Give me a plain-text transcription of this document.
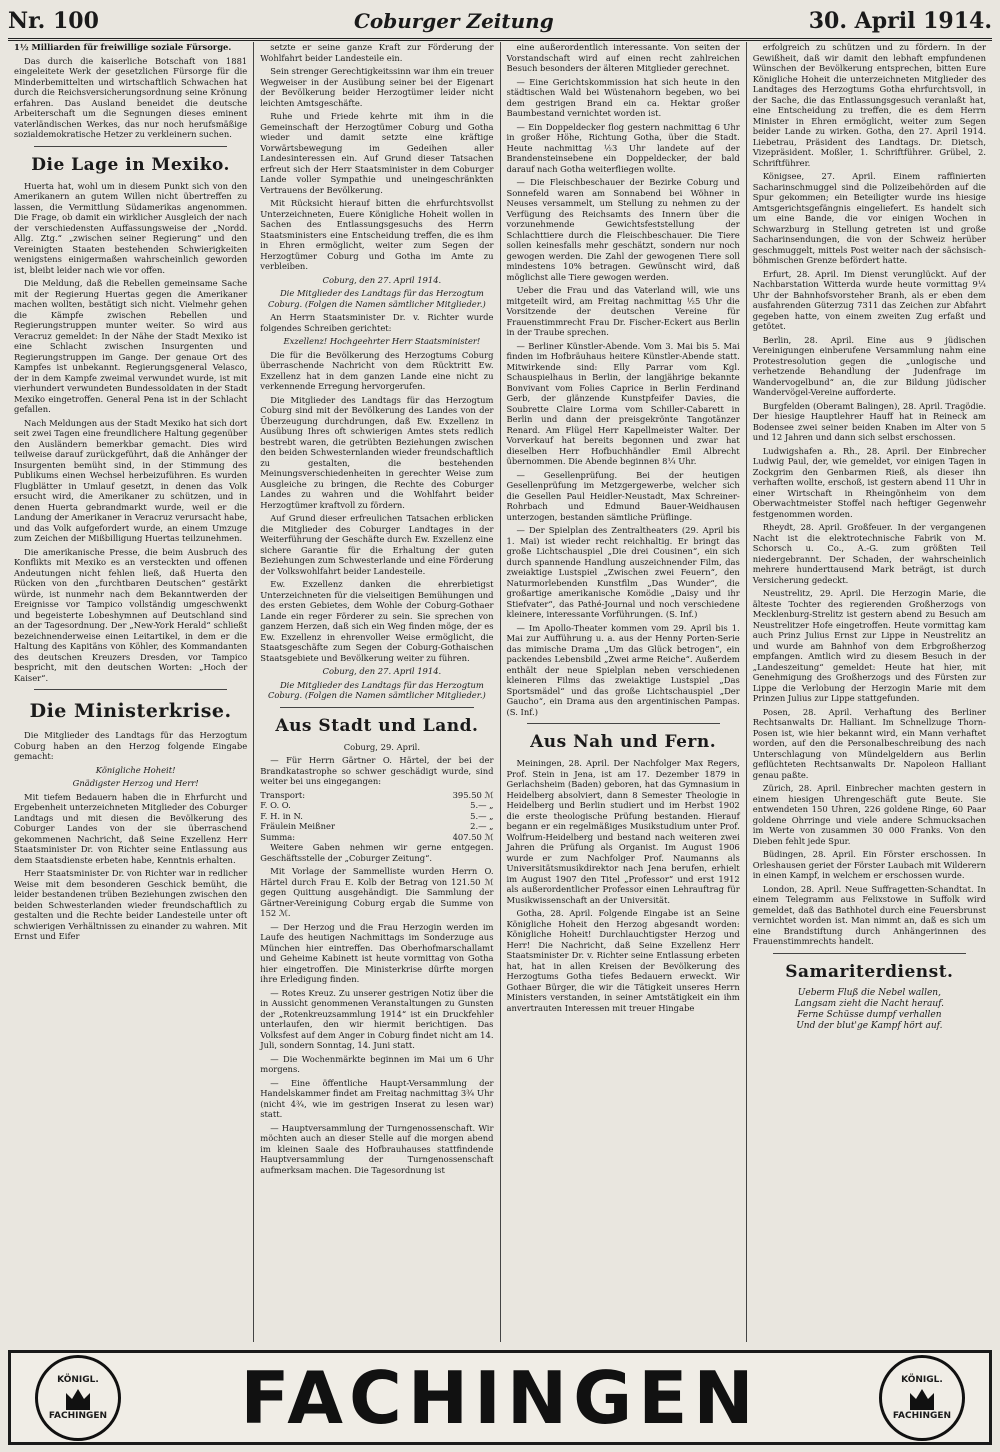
Nr. 100	Coburger Zeitung	30. April 1914.

1½ Milliarden für freiwillige soziale Fürsorge.

Das durch die kaiserliche Botschaft von 1881 eingeleitete Werk der gesetzlichen Fürsorge für die Minderbemittelten und wirtschaftlich Schwachen hat durch die Reichsversicherungsordnung seine Krönung erfahren. Das Ausland beneidet die deutsche Arbeiterschaft um die Segnungen dieses eminent vaterländischen Werkes, das nur noch herufsmäßige sozialdemokratische Hetzer zu verkleinern suchen.

Die Lage in Mexiko.

Huerta hat, wohl um in diesem Punkt sich von den Amerikanern an gutem Willen nicht übertreffen zu lassen, die Vermittlung Südamerikas angenommen. Die Frage, ob damit ein wirklicher Ausgleich der nach der verschiedensten Auffassungsweise der „Nordd. Allg. Ztg.“ „zwischen seiner Regierung“ und den Vereinigten Staaten bestehenden Schwierigkeiten wenigstens einigermaßen wahrscheinlich geworden ist, bleibt leider nach wie vor offen.

Die Meldung, daß die Rebellen gemeinsame Sache mit der Regierung Huertas gegen die Amerikaner machen wollten, bestätigt sich nicht. Vielmehr gehen die Kämpfe zwischen Rebellen und Regierungstruppen munter weiter. So wird aus Veracruz gemeldet: In der Nähe der Stadt Mexiko ist eine Schlacht zwischen Insurgenten und Regierungstruppen im Gange. Der genaue Ort des Kampfes ist unbekannt. Regierungsgeneral Velasco, der in dem Kampfe zweimal verwundet wurde, ist mit vierhundert verwundeten Bundessoldaten in der Stadt Mexiko eingetroffen. General Pena ist in der Schlacht gefallen.

Nach Meldungen aus der Stadt Mexiko hat sich dort seit zwei Tagen eine freundlichere Haltung gegenüber den Ausländern bemerkbar gemacht. Dies wird teilweise darauf zurückgeführt, daß die Anhänger der Insurgenten bemüht sind, in der Stimmung des Publikums einen Wechsel herbeizuführen. Es wurden Flugblätter in Umlauf gesetzt, in denen das Volk ersucht wird, die Amerikaner zu schützen, und in denen Huerta gebrandmarkt wurde, weil er die Landung der Amerikaner in Veracruz verursacht habe, und das Volk aufgefordert wurde, an einem Umzuge zum Zeichen der Mißbilligung Huertas teilzunehmen.

Die amerikanische Presse, die beim Ausbruch des Konflikts mit Mexiko es an versteckten und offenen Andeutungen nicht fehlen ließ, daß Huerta den Rücken von den „furchtbaren Deutschen“ gestärkt würde, ist nunmehr nach dem Bekanntwerden der Ereignisse vor Tampico vollständig umgeschwenkt und begeisterte Lobeshymnen auf Deutschland sind an der Tagesordnung. Der „New-York Herald“ schließt bezeichnenderweise einen Leitartikel, in dem er die Haltung des Kapitäns von Köhler, des Kommandanten des deutschen Kreuzers Dresden, vor Tampico bespricht, mit den deutschen Worten: „Hoch der Kaiser“.

Die Ministerkrise.

Die Mitglieder des Landtags für das Herzogtum Coburg haben an den Herzog folgende Eingabe gemacht:

Königliche Hoheit!

Gnädigster Herzog und Herr!

Mit tiefem Bedauern haben die in Ehrfurcht und Ergebenheit unterzeichneten Mitglieder des Coburger Landtags und mit diesen die Bevölkerung des Coburger Landes von der sie überraschend gekommenen Nachricht, daß Seine Exzellenz Herr Staatsminister Dr. von Richter seine Entlassung aus dem Staatsdienste erbeten habe, Kenntnis erhalten.

Herr Staatsminister Dr. von Richter war in redlicher Weise mit dem besonderen Geschick bemüht, die leider bestandenen trüben Beziehungen zwischen den beiden Schwesterlanden wieder freundschaftlich zu gestalten und die Rechte beider Landesteile unter oft schwierigen Verhältnissen zu einander zu wahren. Mit Ernst und Eifer

setzte er seine ganze Kraft zur Förderung der Wohlfahrt beider Landesteile ein.

Sein strenger Gerechtigkeitssinn war ihm ein treuer Wegweiser in der Ausübung seiner bei der Eigenart der Bevölkerung beider Herzogtümer leider nicht leichten Amtsgeschäfte.

Ruhe und Friede kehrte mit ihm in die Gemeinschaft der Herzogtümer Coburg und Gotha wieder und damit setzte eine kräftige Vorwärtsbewegung im Gedeihen aller Landesinteressen ein. Auf Grund dieser Tatsachen erfreut sich der Herr Staatsminister in dem Coburger Lande voller Sympathie und uneingeschränkten Vertrauens der Bevölkerung.

Mit Rücksicht hierauf bitten die ehrfurchtsvollst Unterzeichneten, Euere Königliche Hoheit wollen in Sachen des Entlassungsgesuchs des Herrn Staatsministers eine Entscheidung treffen, die es ihm in Ehren ermöglicht, weiter zum Segen der Herzogtümer Coburg und Gotha im Amte zu verbleiben.

Coburg, den 27. April 1914.

Die Mitglieder des Landtags für das Herzogtum Coburg. (Folgen die Namen sämtlicher Mitglieder.)

An Herrn Staatsminister Dr. v. Richter wurde folgendes Schreiben gerichtet:

Exzellenz! Hochgeehrter Herr Staatsminister!

Die für die Bevölkerung des Herzogtums Coburg überraschende Nachricht von dem Rücktritt Ew. Exzellenz hat in dem ganzen Lande eine nicht zu verkennende Erregung hervorgerufen.

Die Mitglieder des Landtags für das Herzogtum Coburg sind mit der Bevölkerung des Landes von der Überzeugung durchdrungen, daß Ew. Exzellenz in Ausübung Ihres oft schwierigen Amtes stets redlich bestrebt waren, die getrübten Beziehungen zwischen den beiden Schwesternlanden wieder freundschaftlich zu gestalten, die bestehenden Meinungsverschiedenheiten in gerechter Weise zum Ausgleiche zu bringen, die Rechte des Coburger Landes zu wahren und die Wohlfahrt beider Herzogtümer kraftvoll zu fördern.

Auf Grund dieser erfreulichen Tatsachen erblicken die Mitglieder des Coburger Landtages in der Weiterführung der Geschäfte durch Ew. Exzellenz eine sichere Garantie für die Erhaltung der guten Beziehungen zum Schwesterlande und eine Förderung der Volkswohlfahrt beider Landesteile.

Ew. Exzellenz danken die ehrerbietigst Unterzeichneten für die vielseitigen Bemühungen und des ersten Gebietes, dem Wohle der Coburg-Gothaer Lande ein reger Förderer zu sein. Sie sprechen von ganzem Herzen, daß sich ein Weg finden möge, der es Ew. Exzellenz in ehrenvoller Weise ermöglicht, die Staatsgeschäfte zum Segen der Coburg-Gothaischen Staatsgebiete und Bevölkerung weiter zu führen.

Coburg, den 27. April 1914.

Die Mitglieder des Landtags für das Herzogtum Coburg. (Folgen die Namen sämtlicher Mitglieder.)

Aus Stadt und Land.

Coburg, 29. April.

— Für Herrn Gärtner O. Härtel, der bei der Brandkatastrophe so schwer geschädigt wurde, sind weiter bei uns eingegangen:

Transport:	395.50 ℳ
F. O. O.	5.— „
F. H. in N.	5.— „
Fräulein Meißner	2.— „
Summa:	407.50 ℳ

Weitere Gaben nehmen wir gerne entgegen. Geschäftsstelle der „Coburger Zeitung“.

Mit Vorlage der Sammelliste wurden Herrn O. Härtel durch Frau E. Kolb der Betrag von 121.50 ℳ gegen Quittung ausgehändigt. Die Sammlung der Gärtner-Vereinigung Coburg ergab die Summe von 152 ℳ.

— Der Herzog und die Frau Herzogin werden im Laufe des heutigen Nachmittags im Sonderzuge aus München hier eintreffen. Das Oberhofmarschallamt und Geheime Kabinett ist heute vormittag von Gotha hier eingetroffen. Die Ministerkrise dürfte morgen ihre Erledigung finden.

— Rotes Kreuz. Zu unserer gestrigen Notiz über die in Aussicht genommenen Veranstaltungen zu Gunsten der „Rotenkreuzsammlung 1914“ ist ein Druckfehler unterlaufen, den wir hiermit berichtigen. Das Volksfest auf dem Anger in Coburg findet nicht am 14. Juli, sondern Sonntag, 14. Juni statt.

— Die Wochenmärkte beginnen im Mai um 6 Uhr morgens.

— Eine öffentliche Haupt-Versammlung der Handelskammer findet am Freitag nachmittag 3¾ Uhr (nicht 4¾, wie im gestrigen Inserat zu lesen war) statt.

— Hauptversammlung der Turngenossenschaft. Wir möchten auch an dieser Stelle auf die morgen abend im kleinen Saale des Hofbrauhauses stattfindende Hauptversammlung der Turngenossenschaft aufmerksam machen. Die Tagesordnung ist

eine außerordentlich interessante. Von seiten der Vorstandschaft wird auf einen recht zahlreichen Besuch besonders der älteren Mitglieder gerechnet.

— Eine Gerichtskommission hat sich heute in den städtischen Wald bei Wüstenahorn begeben, wo bei dem gestrigen Brand ein ca. Hektar großer Baumbestand vernichtet worden ist.

— Ein Doppeldecker flog gestern nachmittag 6 Uhr in großer Höhe, Richtung Gotha, über die Stadt. Heute nachmittag ½3 Uhr landete auf der Brandensteinsebene ein Doppeldecker, der bald darauf nach Gotha weiterfliegen wollte.

— Die Fleischbeschauer der Bezirke Coburg und Sonnefeld waren am Sonnabend bei Wöhner in Neuses versammelt, um Stellung zu nehmen zu der Verfügung des Reichsamts des Innern über die vorzunehmende Gewichtsfeststellung der Schlachttiere durch die Fleischbeschauer. Die Tiere sollen keinesfalls mehr geschätzt, sondern nur noch gewogen werden. Die Zahl der gewogenen Tiere soll mindestens 10% betragen. Gewünscht wird, daß möglichst alle Tiere gewogen werden.

Ueber die Frau und das Vaterland will, wie uns mitgeteilt wird, am Freitag nachmittag ½5 Uhr die Vorsitzende der deutschen Vereine für Frauenstimmrecht Frau Dr. Fischer-Eckert aus Berlin in der Traube sprechen.

— Berliner Künstler-Abende. Vom 3. Mai bis 5. Mai finden im Hofbräuhaus heitere Künstler-Abende statt. Mitwirkende sind: Elly Parrar vom Kgl. Schauspielhaus in Berlin, der langjährige bekannte Bonvivant vom Folies Caprice in Berlin Ferdinand Gerb, der glänzende Kunstpfeifer Davies, die Soubrette Claire Lorma vom Schiller-Cabarett in Berlin und dann der preisgekrönte Tangotänzer Renard. Am Flügel Herr Kapellmeister Walter. Der Vorverkauf hat bereits begonnen und zwar hat dieselben Herr Hofbuchhändler Emil Albrecht übernommen. Die Abende beginnen 8¼ Uhr.

— Gesellenprüfung. Bei der heutigen Gesellenprüfung im Metzgergewerbe, welcher sich die Gesellen Paul Heidler-Neustadt, Max Schreiner-Rohrbach und Edmund Bauer-Weidhausen unterzogen, bestanden sämtliche Prüflinge.

— Der Spielplan des Zentraltheaters (29. April bis 1. Mai) ist wieder recht reichhaltig. Er bringt das große Lichtschauspiel „Die drei Cousinen“, ein sich durch spannende Handlung auszeichnender Film, das zweiaktige Lustspiel „Zwischen zwei Feuern“, den Naturmorlebenden Kunstfilm „Das Wunder“, die großartige amerikanische Komödie „Daisy und ihr Stiefvater“, das Pathé-Journal und noch verschiedene kleinere, interessante Vorführungen. (S. Inf.)

— Im Apollo-Theater kommen vom 29. April bis 1. Mai zur Aufführung u. a. aus der Henny Porten-Serie das mimische Drama „Um das Glück betrogen“, ein packendes Lebensbild „Zwei arme Reiche“. Außerdem enthält der neue Spielplan neben verschiedenen kleineren Films das zweiaktige Lustspiel „Das Sportsmädel“ und das große Lichtschauspiel „Der Gaucho“, ein Drama aus den argentinischen Pampas. (S. Inf.)

Aus Nah und Fern.

Meiningen, 28. April. Der Nachfolger Max Regers, Prof. Stein in Jena, ist am 17. Dezember 1879 in Gerlachsheim (Baden) geboren, hat das Gymnasium in Heidelberg absolviert, dann 8 Semester Theologie in Heidelberg und Berlin studiert und im Herbst 1902 die erste theologische Prüfung bestanden. Hierauf begann er ein regelmäßiges Musikstudium unter Prof. Wolfrum-Heidelberg und bestand nach weiteren zwei Jahren die Prüfung als Organist. Im August 1906 wurde er zum Nachfolger Prof. Naumanns als Universitätsmusikdirektor nach Jena berufen, erhielt im August 1907 den Titel „Professor“ und erst 1912 als außerordentlicher Professor einen Lehrauftrag für Musikwissenschaft an der Universität.

Gotha, 28. April. Folgende Eingabe ist an Seine Königliche Hoheit den Herzog abgesandt worden: Königliche Hoheit! Durchlauchtigster Herzog und Herr! Die Nachricht, daß Seine Exzellenz Herr Staatsminister Dr. v. Richter seine Entlassung erbeten hat, hat in allen Kreisen der Bevölkerung des Herzogtums Gotha tiefes Bedauern erweckt. Wir Gothaer Bürger, die wir die Tätigkeit unseres Herrn Ministers verstanden, in seiner Amtstätigkeit ein ihm anvertrauten Interessen mit treuer Hingabe

erfolgreich zu schützen und zu fördern. In der Gewißheit, daß wir damit den lebhaft empfundenen Wünschen der Bevölkerung entsprechen, bitten Eure Königliche Hoheit die unterzeichneten Mitglieder des Landtages des Herzogtums Gotha ehrfurchtsvoll, in der Sache, die das Entlassungsgesuch veranlaßt hat, eine Entscheidung zu treffen, die es dem Herrn Minister in Ehren ermöglicht, weiter zum Segen beider Lande zu wirken. Gotha, den 27. April 1914. Liebetrau, Präsident des Landtags. Dr. Dietsch, Vizepräsident. Moßler, 1. Schriftführer. Grübel, 2. Schriftführer.

Königsee, 27. April. Einem raffinierten Sacharinschmuggel sind die Polizeibehörden auf die Spur gekommen; ein Beteiligter wurde ins hiesige Amtsgerichtsgefängnis eingeliefert. Es handelt sich um eine Bande, die vor einigen Wochen in Schwarzburg in Stellung getreten ist und große Sacharinsendungen, die von der Schweiz herüber geschmuggelt, mittels Post weiter nach der sächsisch-böhmischen Grenze befördert hatte.

Erfurt, 28. April. Im Dienst verunglückt. Auf der Nachbarstation Witterda wurde heute vormittag 9¼ Uhr der Bahnhofsvorsteher Branh, als er eben dem ausfahrenden Güterzug 7311 das Zeichen zur Abfahrt gegeben hatte, von einem zweiten Zug erfaßt und getötet.

Berlin, 28. April. Eine aus 9 jüdischen Vereinigungen einberufene Versammlung nahm eine Protestresolution gegen die „unlogische und verhetzende Behandlung der Judenfrage im Wandervogelbund“ an, die zur Bildung jüdischer Wandervögel-Vereine aufforderte.

Burgfelden (Oberamt Balingen), 28. April. Tragödie. Der hiesige Hauptlehrer Hauff hat in Reineck am Bodensee zwei seiner beiden Knaben im Alter von 5 und 12 Jahren und dann sich selbst erschossen.

Ludwigshafen a. Rh., 28. April. Der Einbrecher Ludwig Paul, der, wie gemeldet, vor einigen Tagen in Zockgrim den Genbarmen Rieß, als dieser ihn verhaften wollte, erschoß, ist gestern abend 11 Uhr in einer Wirtschaft in Rheingönheim von dem Oberwachtmeister Stoffel nach heftiger Gegenwehr festgenommen worden.

Rheydt, 28. April. Großfeuer. In der vergangenen Nacht ist die elektrotechnische Fabrik von M. Schorsch u. Co., A.-G. zum größten Teil niedergebrannt. Der Schaden, der wahrscheinlich mehrere hunderttausend Mark beträgt, ist durch Versicherung gedeckt.

Neustrelitz, 29. April. Die Herzogin Marie, die älteste Tochter des regierenden Großherzogs von Mecklenburg-Strelitz ist gestern abend zu Besuch am Neustrelitzer Hofe eingetroffen. Heute vormittag kam auch Prinz Julius Ernst zur Lippe in Neustrelitz an und wurde am Bahnhof von dem Erbgroßherzog empfangen. Amtlich wird zu diesem Besuch in der „Landeszeitung“ gemeldet: Heute hat hier, mit Genehmigung des Großherzogs und des Fürsten zur Lippe die Verlobung der Herzogin Marie mit dem Prinzen Julius zur Lippe stattgefunden.

Posen, 28. April. Verhaftung des Berliner Rechtsanwalts Dr. Halliant. Im Schnellzuge Thorn-Posen ist, wie hier bekannt wird, ein Mann verhaftet worden, auf den die Personalbeschreibung des nach Unterschlagung von Mündelgeldern aus Berlin geflüchteten Rechtsanwalts Dr. Napoleon Halliant genau paßte.

Zürich, 28. April. Einbrecher machten gestern in einem hiesigen Uhrengeschäft gute Beute. Sie entwendeten 150 Uhren, 226 goldene Ringe, 60 Paar goldene Ohrringe und viele andere Schmucksachen im Werte von zusammen 30 000 Franks. Von den Dieben fehlt jede Spur.

Büdingen, 28. April. Ein Förster erschossen. In Orleshausen geriet der Förster Laubach mit Wilderern in einen Kampf, in welchem er erschossen wurde.

London, 28. April. Neue Suffragetten-Schandtat. In einem Telegramm aus Felixstowe in Suffolk wird gemeldet, daß das Bathhotel durch eine Feuersbrunst vernichtet worden ist. Man nimmt an, daß es sich um eine Brandstiftung durch Anhängerinnen des Frauenstimmrechts handelt.

Samariterdienst.
Ueberm Fluß die Nebel wallen,
Langsam zieht die Nacht herauf.
Ferne Schüsse dumpf verhallen
Und der blut'ge Kampf hört auf.
KÖNIGL.
FACHINGEN	FACHINGEN	KÖNIGL.
FACHINGEN
